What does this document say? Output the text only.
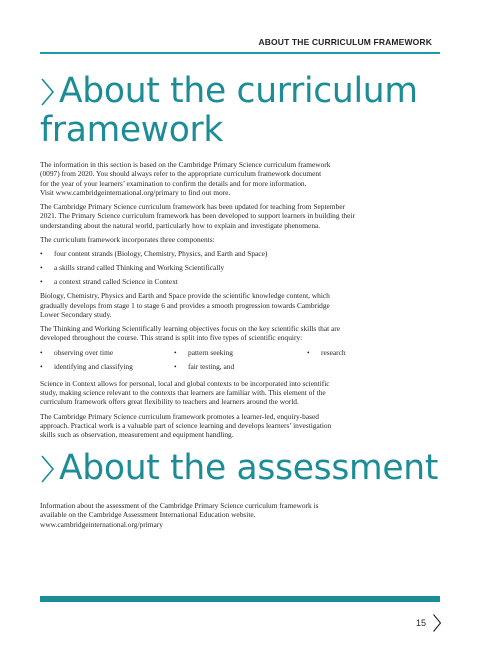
ABOUT THE CURRICULUM FRAMEWORK
About the curriculum framework

The information in this section is based on the Cambridge Primary Science curriculum framework
(0097) from 2020. You should always refer to the appropriate curriculum framework document
for the year of your learners’ examination to confirm the details and for more information.
Visit www.cambridgeinternational.org/primary to find out more.

The Cambridge Primary Science curriculum framework has been updated for teaching from September
2021. The Primary Science curriculum framework has been developed to support learners in building their
understanding about the natural world, particularly how to explain and investigate phenomena.

The curriculum framework incorporates three components:

• four content strands (Biology, Chemistry, Physics, and Earth and Space)
• a skills strand called Thinking and Working Scientifically
• a context strand called Science in Context

Biology, Chemistry, Physics and Earth and Space provide the scientific knowledge content, which
gradually develops from stage 1 to stage 6 and provides a smooth progression towards Cambridge
Lower Secondary study.

The Thinking and Working Scientifically learning objectives focus on the key scientific skills that are
developed throughout the course. This strand is split into five types of scientific enquiry:

• observing over time	• pattern seeking	• research
• identifying and classifying	• fair testing, and

Science in Context allows for personal, local and global contexts to be incorporated into scientific
study, making science relevant to the contexts that learners are familiar with. This element of the
curriculum framework offers great flexibility to teachers and learners around the world.

The Cambridge Primary Science curriculum framework promotes a learner-led, enquiry-based
approach. Practical work is a valuable part of science learning and develops learners’ investigation
skills such as observation, measurement and equipment handling.

About the assessment

Information about the assessment of the Cambridge Primary Science curriculum framework is
available on the Cambridge Assessment International Education website.
www.cambridgeinternational.org/primary

15
